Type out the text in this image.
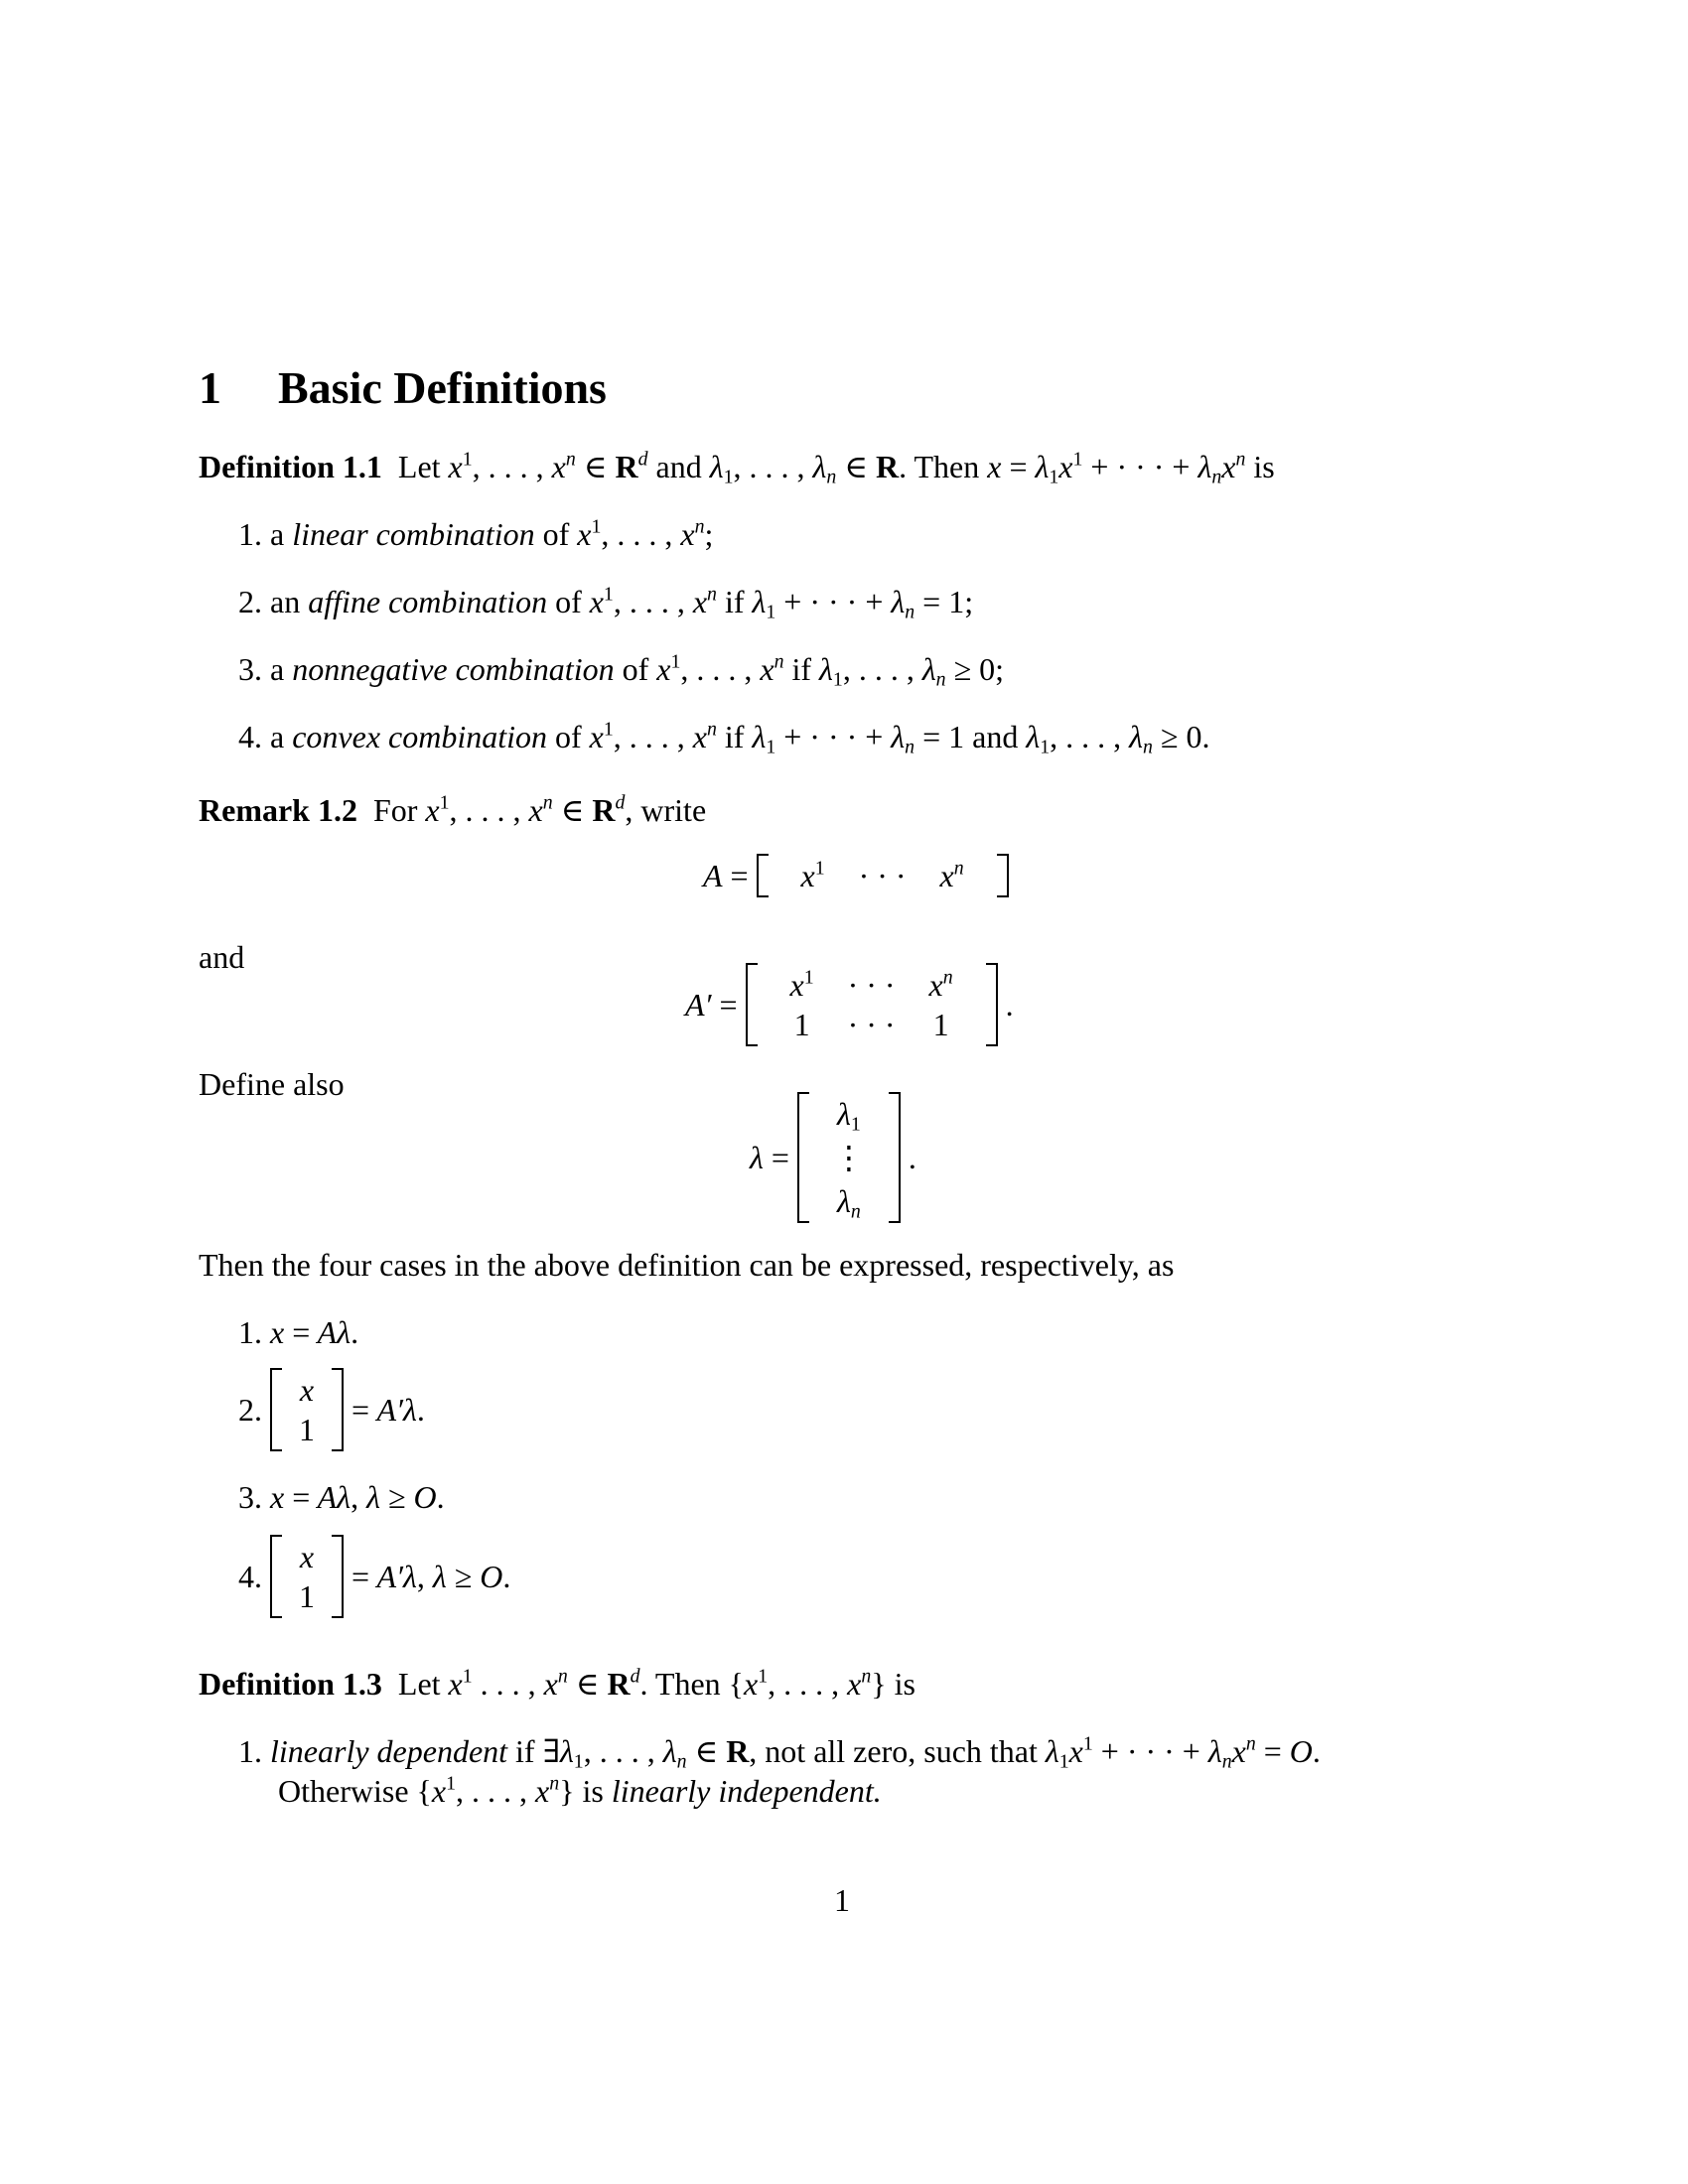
1 Basic Definitions
Definition 1.1 Let $x^1$, . . . , $x^n$ ∈ $R^d$ and $\lambda_1$, . . . , $\lambda_n$ ∈ R. Then $x = \lambda_1x^1$ + · · · + $\lambda_nx^n$ is
1. a linear combination of $x^1$, . . . , $x^n$;
2. an affine combination of $x^1$, . . . , $x^n$ if $\lambda_1$ + · · · + $\lambda_n = 1$;
3. a nonnegative combination of $x^1$, . . . , $x^n$ if $\lambda_1$, . . . , $\lambda_n \ge 0$;
4. a convex combination of $x^1$, . . . , $x^n$ if $\lambda_1$ + · · · + $\lambda_n = 1$ and $\lambda_1$, . . . , $\lambda_n \ge 0$.
Remark 1.2 For $x^1$, . . . , $x^n$ ∈ $R^d$, write
A =	$x^1$	· · ·	$x^n$
and
A′ =
$x^1$	· · ·	$x^n$
1	· · ·	1
.
Define also
λ =
$\lambda_1$
⋮
$\lambda_n$
.
Then the four cases in the above definition can be expressed, respectively, as
1. x = Aλ.
2.
x
1
= A′λ.
3. x = Aλ, λ ≥ O.
4.
x
1
= A′λ, λ ≥ O.
Definition 1.3 Let $x^1$ . . . , $x^n$ ∈ $R^d$. Then {$x^1$, . . . , $x^n$} is
1. linearly dependent if $\exists\lambda_1$, . . . , $\lambda_n$ ∈ R, not all zero, such that $\lambda_1x^1$ + · · · + $\lambda_nx^n = O$.
Otherwise {$x^1$, . . . , $x^n$} is linearly independent.
1
